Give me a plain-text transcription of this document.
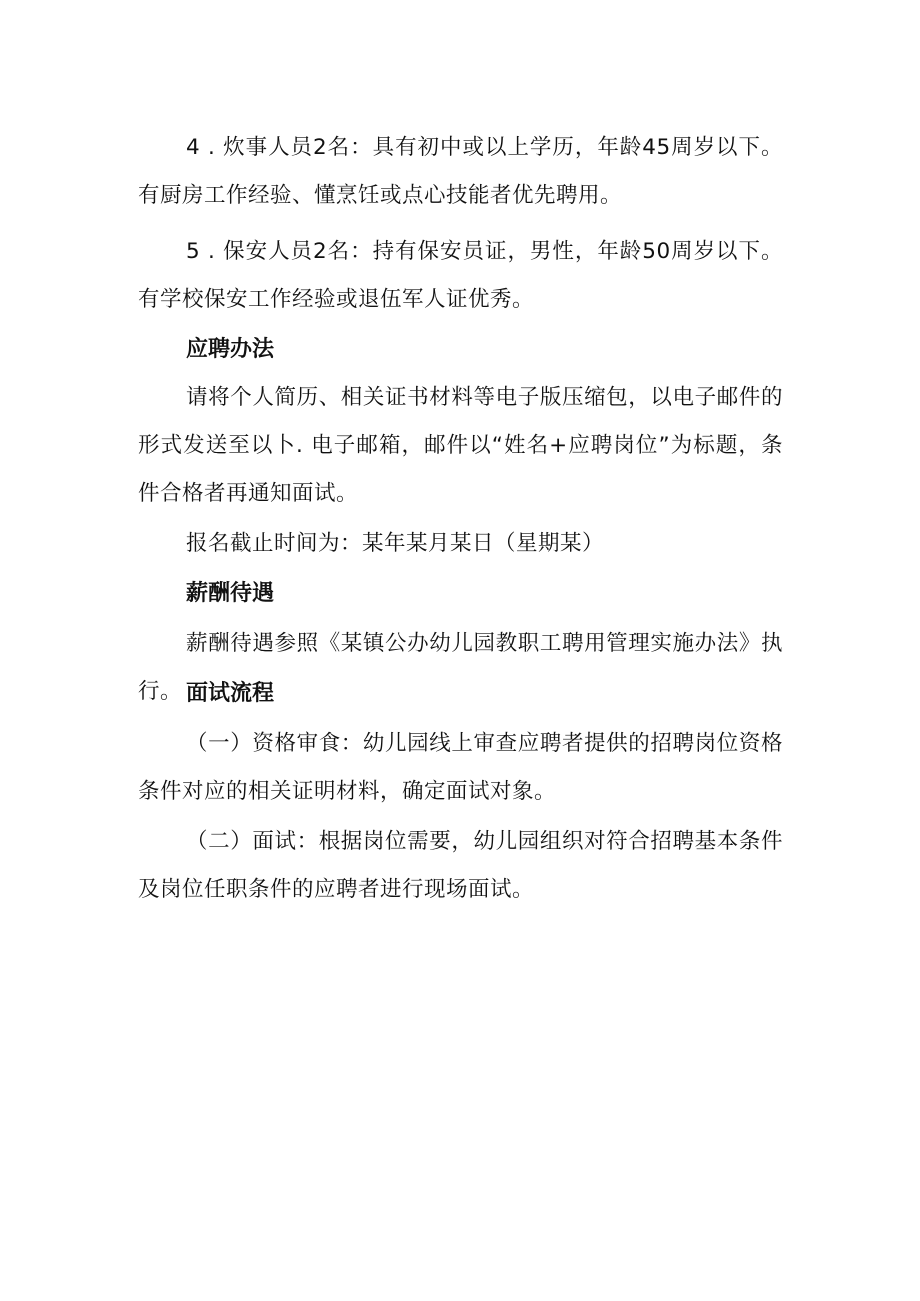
4 . 炊事人员2名：具有初中或以上学历，年龄45周岁以下。有厨房工作经验、懂烹饪或点心技能者优先聘用。

5 . 保安人员2名：持有保安员证，男性，年龄50周岁以下。有学校保安工作经验或退伍军人证优秀。

应聘办法

请将个人简历、相关证书材料等电子版压缩包，以电子邮件的形式发送至以卜. 电子邮箱，邮件以“姓名+应聘岗位”为标题，条件合格者再通知面试。

报名截止时间为：某年某月某日（星期某）

薪酬待遇

薪酬待遇参照《某镇公办幼儿园教职工聘用管理实施办法》执行。 面试流程

（一）资格审食：幼儿园线上审查应聘者提供的招聘岗位资格条件对应的相关证明材料，确定面试对象。

（二）面试：根据岗位需要，幼儿园组织对符合招聘基本条件及岗位任职条件的应聘者进行现场面试。
